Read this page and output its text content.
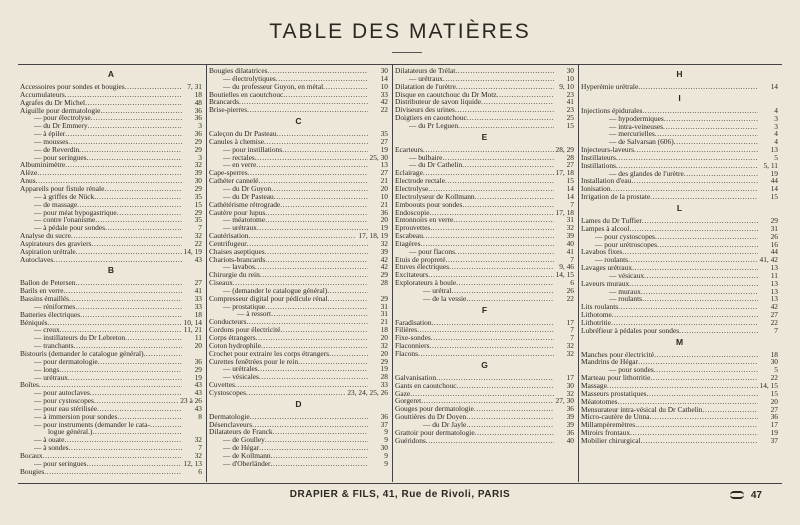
TABLE DES MATIÈRES
A
Accessoires pour sondes et bougies . . .	7, 31
Accumulateurs . . .	18
Agrafes du Dr Michel . . .	48
Aiguille pour dermatologie . . .	36
— pour électrolyse . . .	36
— du Dr Emmery . . .	3
— à épiler . . .	36
— mousses . . .	29
— de Reverdin . . .	29
— pour seringues . . .	3
Albuminimètre . . .	32
Alèze . . .	39
Anus . . .	30
Appareils pour fistule rénale . . .	29
— à griffes de Nück . . .	35
— de massage . . .	15
— pour méat hypogastrique . . .	29
— contre l'onanisme . . .	35
— à pédale pour sondes . . .	7
Analyse du sucre . . .	32
Aspirateurs des graviers . . .	22
Aspiration urétrale . . .	14, 19
Autoclaves . . .	43
B
Ballon de Petersen . . .	27
Barils en verre . . .	41
Bassins émaillés . . .	33
— réniformes . . .	33
Batteries électriques . . .	18
Béniqués . . .	10, 14
— creux . . .	11, 21
— instillateurs du Dr Lebreton . . .	11
— tranchants . . .	20
Bistouris (demander le catalogue général)
. . .
— pour dermatologie . . .	36
— longs . . .	29
— urétraux . . .	19
Boîtes . . .	43
— pour autoclaves . . .	43
— pour cystoscopes . . .	23 à 26
— pour eau stérilisée . . .	43
— à immersion pour sondes . . .	8
— pour instruments (demander le cata-
. . .
logue général.)
. . .
— à ouate . . .	32
— à sondes . . .	7
Bocaux . . .	32
— pour seringues . . .	12, 13
Bougies . . .	6
Bougies dilatatrices . . .	30
— électrolytiques . . .	14
— du professeur Guyon, en métal . . .	10
Boutielles en caoutchouc . . .	33
Brancards . . .	42
Brise-pierres . . .	22
C
Caleçon du Dr Pasteau . . .	35
Canules à chemise . . .	27
— pour instillations . . .	19
— rectales . . .	25, 30
— en verre . . .	13
Cape-sperres . . .	27
Cathéter cannelé . . .	21
— du Dr Guyon . . .	20
— du Dr Pasteau . . .	10
Cathétérisme rétrograde . . .	21
Cautère pour lupus . . .	36
— méatotome . . .	20
— urétraux . . .	19
Cautérisation . . .	17, 18, 19
Centrifugeur . . .	32
Chaises aseptiques . . .	39
Chariots-brancards . . .	42
— lavabos . . .	42
Chirurgie du rein . . .	29
Ciseaux . . .	28
— (demander le catalogue général)
. . .
Compresseur digital pour pédicule rénal . . .	29
— prostatique . . .	31
— à ressort . . .	31
Conducteurs . . .	21
Cordons pour électricité . . .	18
Corps étrangers . . .	20
Coton hydrophile . . .	32
Crochet pour extraire les corps étrangers . . .	20
Curettes fenêtrées pour le rein . . .	29
— urétrales . . .	19
— vésicales . . .	28
Cuvettes . . .	33
Cystoscopes . . .	23, 24, 25, 26
D
Dermatologie . . .	36
Désenclaveurs . . .	37
Dilatateurs de Franck . . .	9
— de Goulley . . .	9
— de Hégar . . .	30
— de Kollmann . . .	9
— d'Oberländer . . .	9
Dilatateurs de Trélat . . .	30
— urétraux . . .	10
Dilatation de l'urètre . . .	9, 10
Disque en caoutchouc du Dr Motz . . .	23
Distributeur de savon liquide . . .	41
Diviseurs des urines . . .	23
Doigtiers en caoutchouc . . .	25
— du Pr Leguen . . .	15
E
Ecarteurs . . .	28, 29
— bulbaire . . .	28
— du Dr Cathelin . . .	27
Eclairage . . .	17, 18
Electrode rectale . . .	15
Electrolyse . . .	14
Electrolyseur de Kollmann . . .	14
Emboouts pour sondes . . .	7
Endoscopie . . .	17, 18
Entonnoirs en verre . . .	31
Eprouvettes . . .	32
Escabeau . . .	39
Etagères . . .	40
— pour flacons . . .	41
Etuis de propreté . . .	7
Etuves électriques . . .	9, 46
Excitateurs . . .	14, 15
Explorateurs à boule . . .	6
— urétral . . .	26
— de la vessie . . .	22
F
Faradisation . . .	17
Filières . . .	7
Fixe-sondes . . .	7
Flaconniers . . .	32
Flacons . . .	32
G
Galvanisation . . .	17
Gants en caoutchouc . . .	30
Gaze . . .	32
Gorgeret . . .	27, 30
Gouges pour dermatologie . . .	36
Gouttières du Dr Doyen . . .	39
— du Dr Jayle . . .	39
Grattoir pour dermatologie . . .	36
Guéridons . . .	40
H
Hyperémie urétrale . . .	14
I
Injections épidurales . . .	4
— hypodermiques . . .	3
— intra-veineuses . . .	3
— mercurielles . . .	4
— de Salvarsan (606) . . .	4
Injecteurs-laveurs . . .	13
Instillateurs . . .	5
Instillations . . .	5, 11
— des glandes de l'urètre . . .	19
Installation d'eau . . .	44
Ionisation . . .	14
Irrigation de la prostate . . .	15
L
Lames du Dr Tuffier . . .	29
Lampes à alcool . . .	31
— pour cystoscopes . . .	26
— pour urétroscopes . . .	16
Lavabos fixes . . .	44
— roulants . . .	41, 42
Lavages urétraux . . .	13
— vésicaux . . .	11
Laveurs muraux . . .	13
— muraux . . .	13
— roulants . . .	13
Lits roulants . . .	42
Lithotome . . .	27
Lithotritie . . .	22
Lubréfieur à pédales pour sondes . . .	7
M
Manches pour électricité . . .	18
Mandrins de Hégar . . .	30
— pour sondes . . .	5
Marteau pour lithotritie . . .	22
Massage . . .	14, 15
Masseurs prostatiques . . .	15
Méatotomes . . .	20
Mensurateur intra-vésical du Dr Cathelin . . .	27
Micro-cautère de Unna . . .	36
Millampèremètres . . .	17
Miroirs frontaux . . .	19
Mobilier chirurgical . . .	37
DRAPIER & FILS, 41, Rue de Rivoli, PARIS	47
